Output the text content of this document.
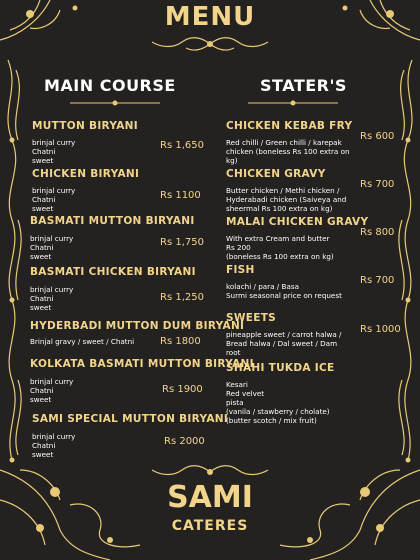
MENU
MAIN COURSE	STATER'S
MUTTON BIRYANI
brinjal curry
Chatni
sweet
Rs 1,650
CHICKEN BIRYANI
brinjal curry
Chatni
sweet
Rs 1100
BASMATI MUTTON BIRYANI
brinjal curry
Chatni
sweet
Rs 1,750
BASMATI CHICKEN BIRYANI
brinjal curry
Chatni
sweet
Rs 1,250
HYDERBADI MUTTON DUM BIRYANI
Brinjal gravy / sweet / Chatni	Rs 1800
KOLKATA BASMATI MUTTON BIRYANI
brinjal curry
Chatni
sweet
Rs 1900
SAMI SPECIAL MUTTON BIRYANI
brinjal curry
Chatni
sweet
Rs 2000
CHICKEN KEBAB FRY
Red chilli / Green chilli / karepak
chicken (boneless Rs 100 extra on
kg)
Rs 600
CHICKEN GRAVY
Butter chicken / Methi chicken /
Hyderabadi chicken (Saiveya and
sheermal Rs 100 extra on kg)
Rs 700
MALAI CHICKEN GRAVY
With extra Cream and butter
Rs 200
(boneless Rs 100 extra on kg)
Rs 800
FISH
kolachi / para / Basa
Surmi seasonal price on request
Rs 700
SWEETS
pineapple sweet / carrot halwa /
Bread halwa / Dal sweet / Dam
root
Rs 1000
SHAHI TUKDA ICE
Kesari
Red velvet
pista
(vanila / stawberry / cholate)
(butter scotch / mix fruit)
SAMI
CATERES
